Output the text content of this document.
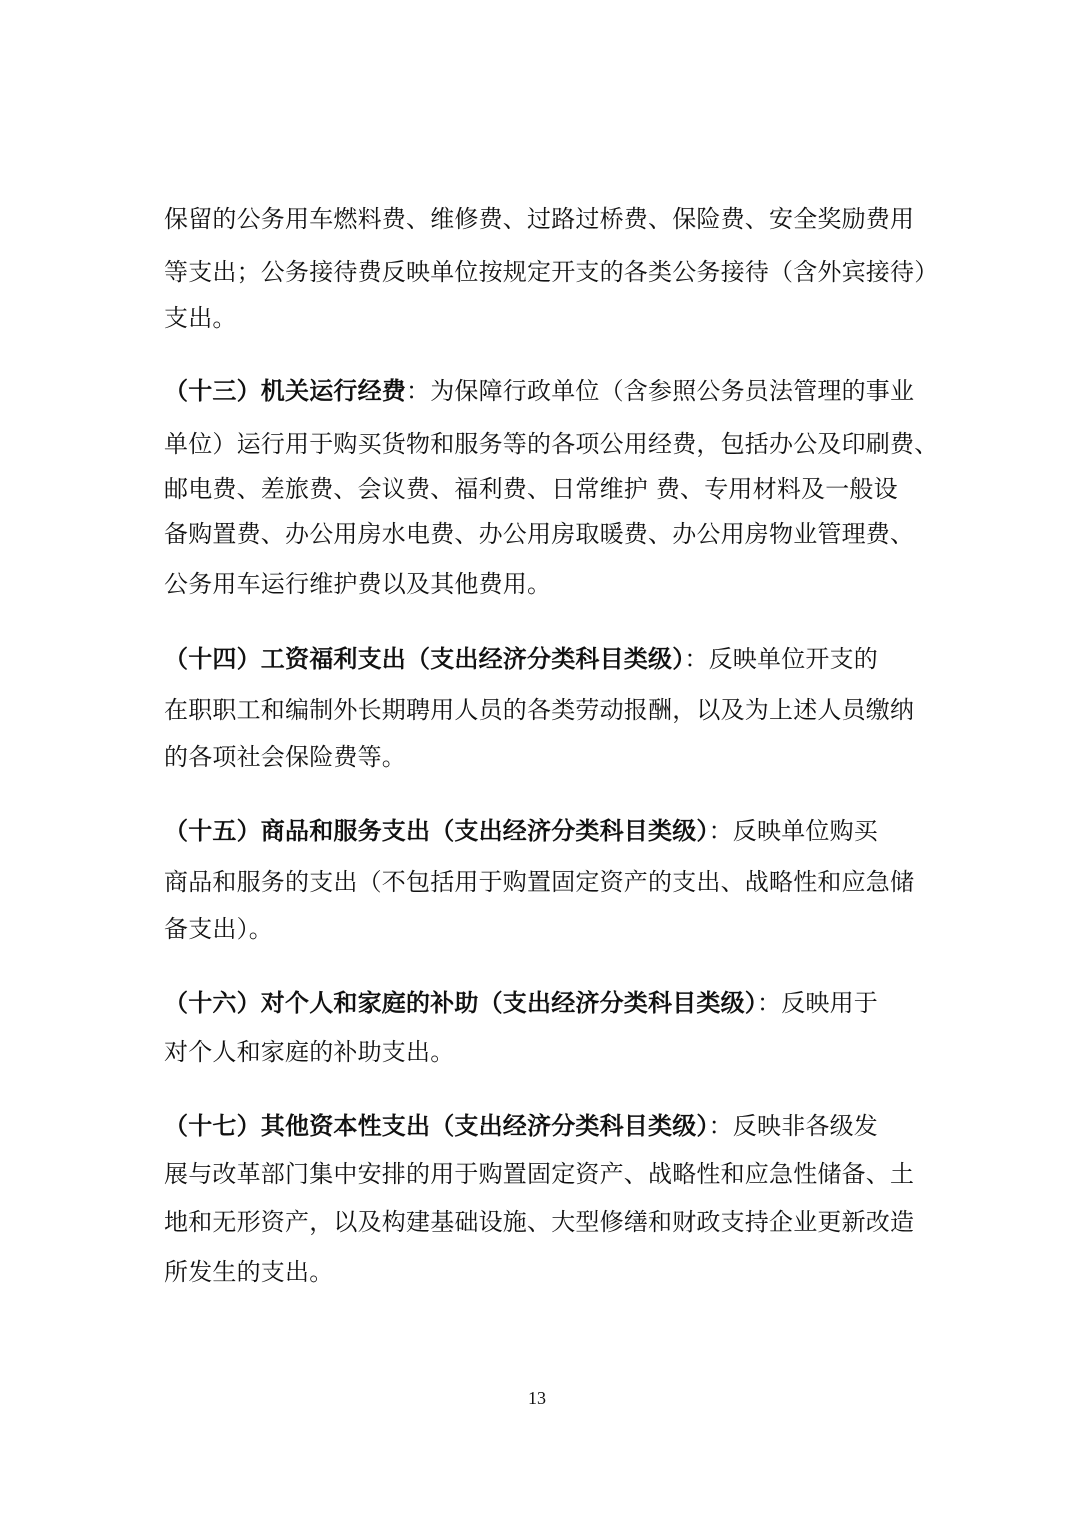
保留的公务用车燃料费、维修费、过路过桥费、保险费、安全奖励费用
等支出；公务接待费反映单位按规定开支的各类公务接待（含外宾接待）
支出。
（十三）机关运行经费：为保障行政单位（含参照公务员法管理的事业
单位）运行用于购买货物和服务等的各项公用经费，包括办公及印刷费、
邮电费、差旅费、会议费、福利费、日常维护 费、专用材料及一般设
备购置费、办公用房水电费、办公用房取暖费、办公用房物业管理费、
公务用车运行维护费以及其他费用。
（十四）工资福利支出（支出经济分类科目类级）：反映单位开支的
在职职工和编制外长期聘用人员的各类劳动报酬，以及为上述人员缴纳
的各项社会保险费等。
（十五）商品和服务支出（支出经济分类科目类级）：反映单位购买
商品和服务的支出（不包括用于购置固定资产的支出、战略性和应急储
备支出）。
（十六）对个人和家庭的补助（支出经济分类科目类级）：反映用于
对个人和家庭的补助支出。
（十七）其他资本性支出（支出经济分类科目类级）：反映非各级发
展与改革部门集中安排的用于购置固定资产、战略性和应急性储备、土
地和无形资产，以及构建基础设施、大型修缮和财政支持企业更新改造
所发生的支出。
13
